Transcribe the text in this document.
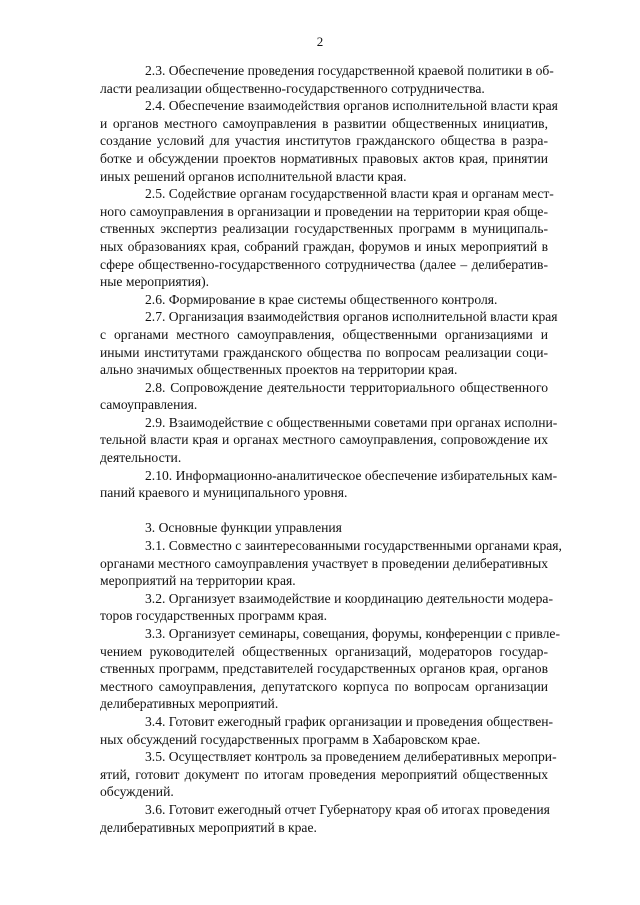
2
2.3. Обеспечение проведения государственной краевой политики в об-
ласти реализации общественно-государственного сотрудничества.
2.4. Обеспечение взаимодействия органов исполнительной власти края
и органов местного самоуправления в развитии общественных инициатив,
создание условий для участия институтов гражданского общества в разра-
ботке и обсуждении проектов нормативных правовых актов края, принятии
иных решений органов исполнительной власти края.
2.5. Содействие органам государственной власти края и органам мест-
ного самоуправления в организации и проведении на территории края обще-
ственных экспертиз реализации государственных программ в муниципаль-
ных образованиях края, собраний граждан, форумов и иных мероприятий в
сфере общественно-государственного сотрудничества (далее – делибератив-
ные мероприятия).
2.6. Формирование в крае системы общественного контроля.
2.7. Организация взаимодействия органов исполнительной власти края
с органами местного самоуправления, общественными организациями и
иными институтами гражданского общества по вопросам реализации соци-
ально значимых общественных проектов на территории края.
2.8. Сопровождение деятельности территориального общественного
самоуправления.
2.9. Взаимодействие с общественными советами при органах исполни-
тельной власти края и органах местного самоуправления, сопровождение их
деятельности.
2.10. Информационно-аналитическое обеспечение избирательных кам-
паний краевого и муниципального уровня.
3. Основные функции управления
3.1. Совместно с заинтересованными государственными органами края,
органами местного самоуправления участвует в проведении делиберативных
мероприятий на территории края.
3.2. Организует взаимодействие и координацию деятельности модера-
торов государственных программ края.
3.3. Организует семинары, совещания, форумы, конференции с привле-
чением руководителей общественных организаций, модераторов государ-
ственных программ, представителей государственных органов края, органов
местного самоуправления, депутатского корпуса по вопросам организации
делиберативных мероприятий.
3.4. Готовит ежегодный график организации и проведения обществен-
ных обсуждений государственных программ в Хабаровском крае.
3.5. Осуществляет контроль за проведением делиберативных меропри-
ятий, готовит документ по итогам проведения мероприятий общественных
обсуждений.
3.6. Готовит ежегодный отчет Губернатору края об итогах проведения
делиберативных мероприятий в крае.
